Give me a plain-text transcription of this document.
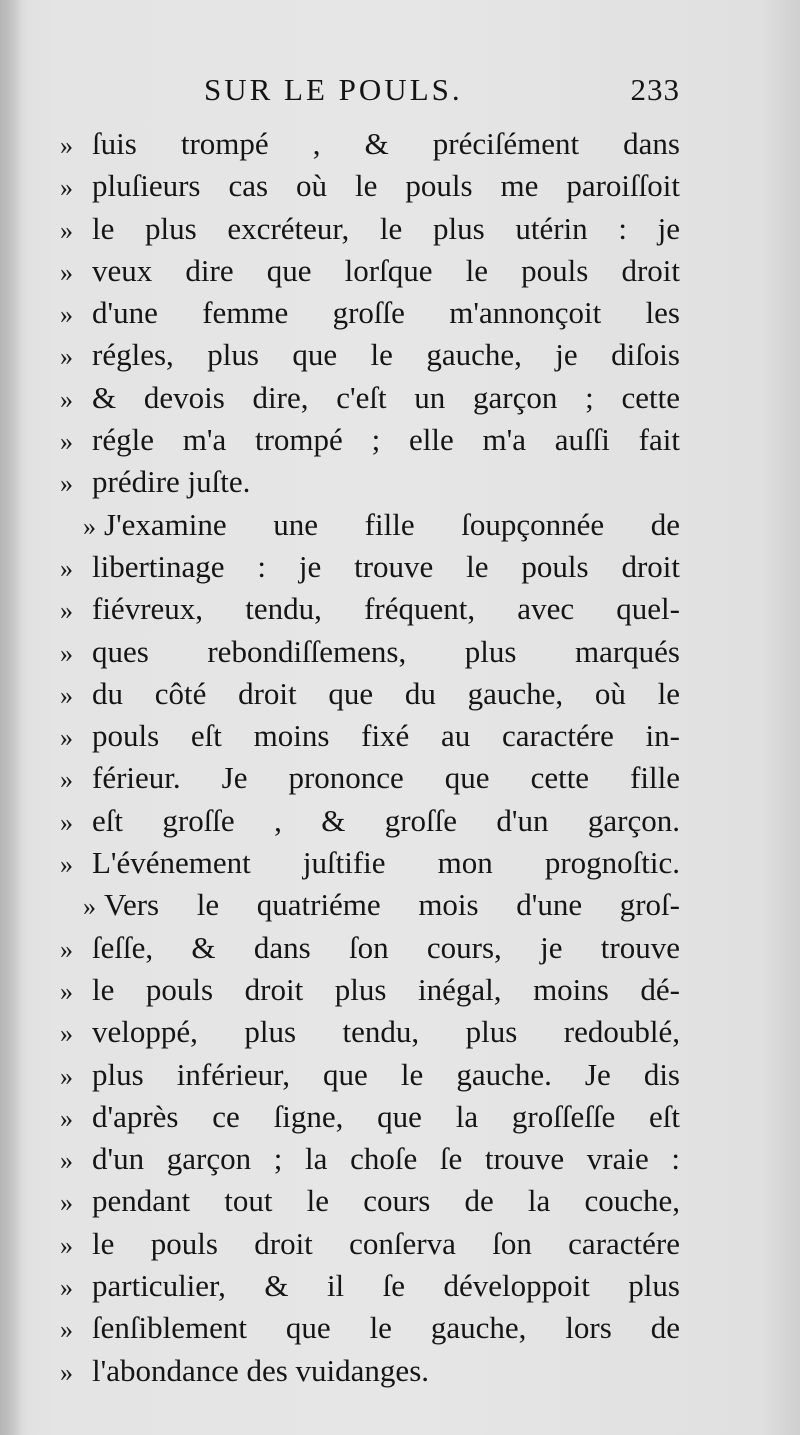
SUR LE POULS.	233
» ſuis trompé , & préciſément dans
» pluſieurs cas où le pouls me paroiſſoit
» le plus excréteur, le plus utérin : je
» veux dire que lorſque le pouls droit
» d'une femme groſſe m'annonçoit les
» régles, plus que le gauche, je diſois
» & devois dire, c'eſt un garçon ; cette
» régle m'a trompé ; elle m'a auſſi fait
» prédire juſte.
» J'examine une fille ſoupçonnée de
» libertinage : je trouve le pouls droit
» fiévreux, tendu, fréquent, avec quel-
» ques rebondiſſemens, plus marqués
» du côté droit que du gauche, où le
» pouls eſt moins fixé au caractére in-
» férieur. Je prononce que cette fille
» eſt groſſe , & groſſe d'un garçon.
» L'événement juſtifie mon prognoſtic.
» Vers le quatriéme mois d'une groſ-
» ſeſſe, & dans ſon cours, je trouve
» le pouls droit plus inégal, moins dé-
» veloppé, plus tendu, plus redoublé,
» plus inférieur, que le gauche. Je dis
» d'après ce ſigne, que la groſſeſſe eſt
» d'un garçon ; la choſe ſe trouve vraie :
» pendant tout le cours de la couche,
» le pouls droit conſerva ſon caractére
» particulier, & il ſe développoit plus
» ſenſiblement que le gauche, lors de
» l'abondance des vuidanges.
